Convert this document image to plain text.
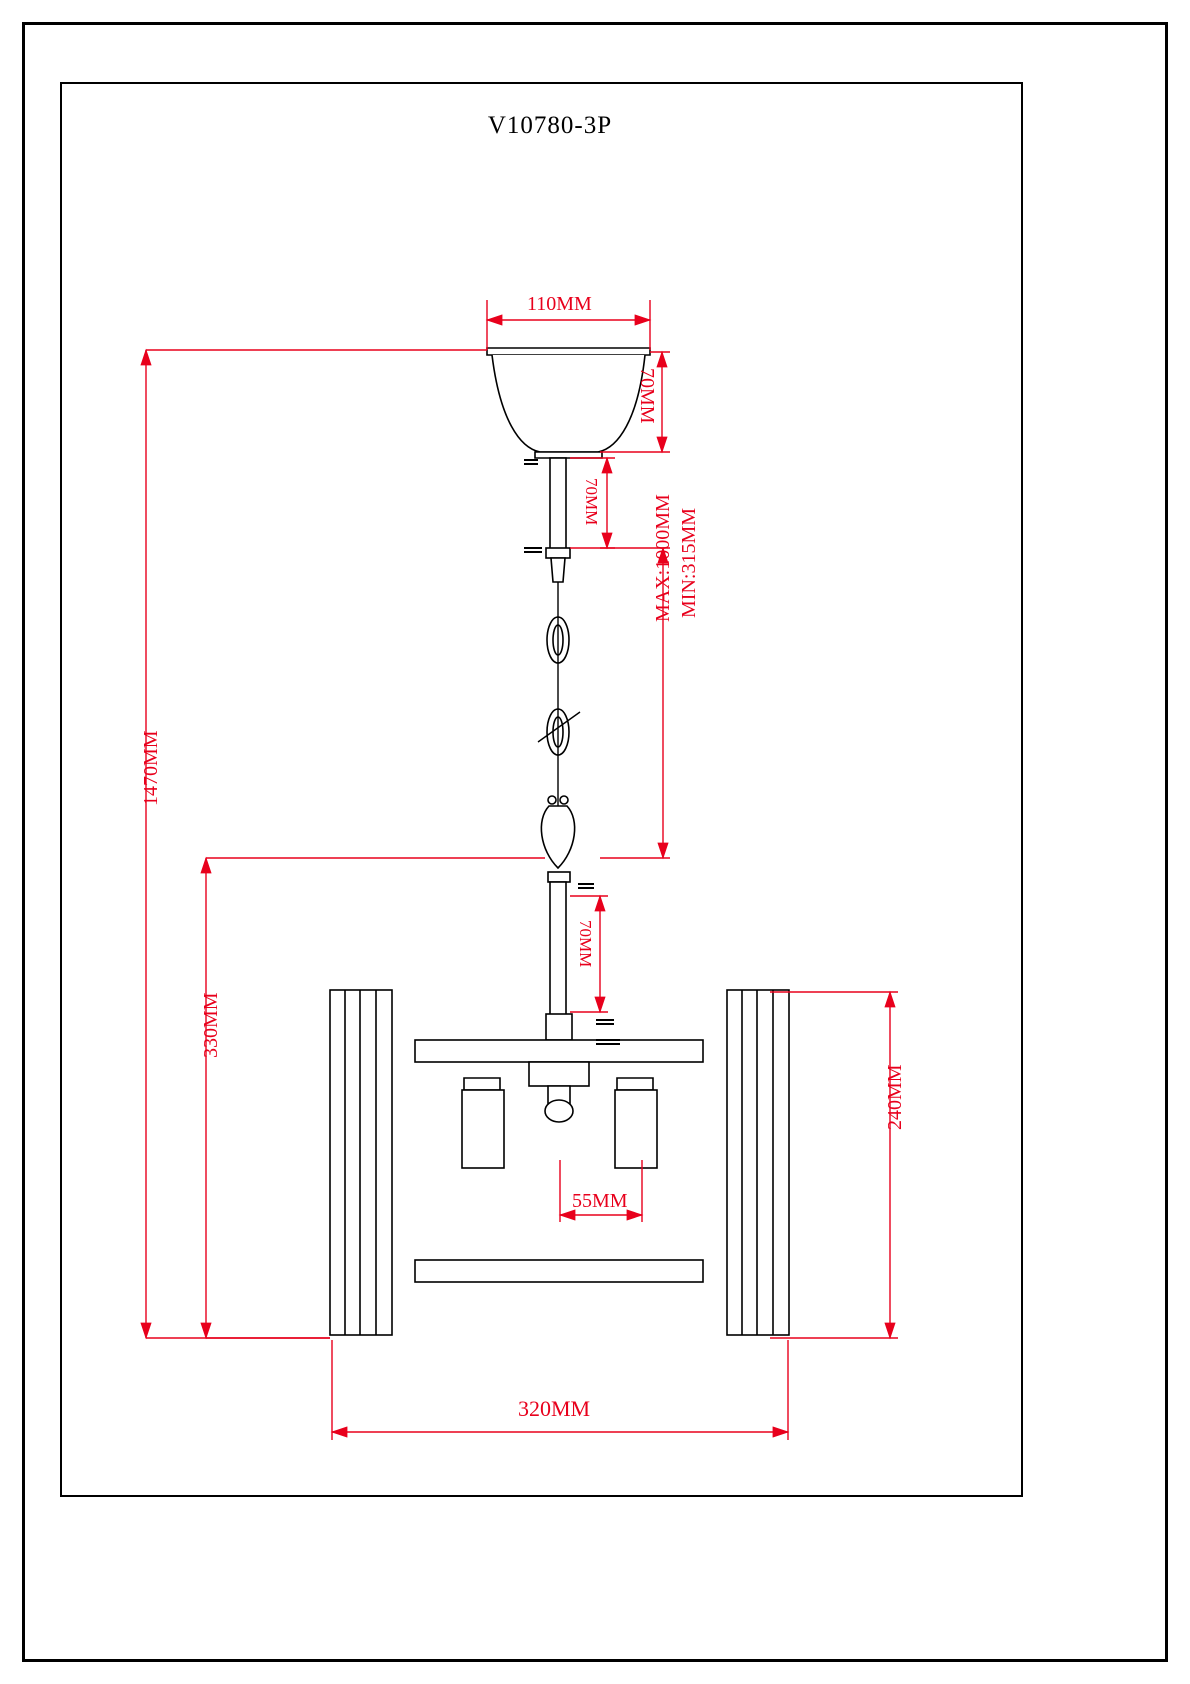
V10780-3P
110MM
70MM
70MM	MAX:1000MM MIN:315MM
1470MM
70MM
330MM
240MM
55MM
320MM
